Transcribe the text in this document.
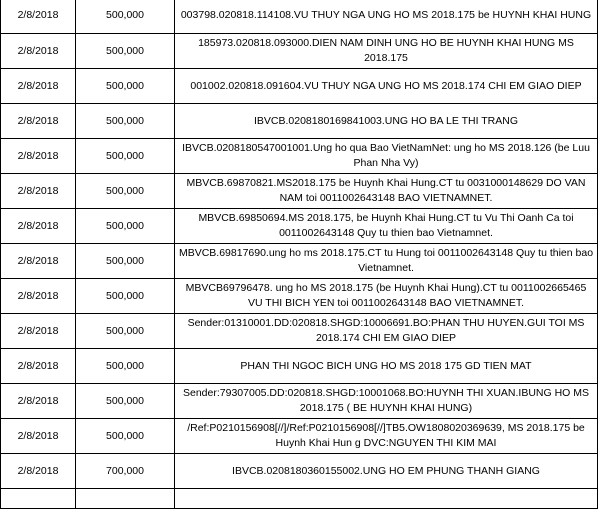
2/8/2018	500,000	003798.020818.114108.VU THUY NGA UNG HO MS 2018.175 be HUYNH KHAI HUNG
2/8/2018	500,000	185973.020818.093000.DIEN NAM DINH UNG HO BE HUYNH KHAI HUNG MS 2018.175
2/8/2018	500,000	001002.020818.091604.VU THUY NGA UNG HO MS 2018.174 CHI EM GIAO DIEP
2/8/2018	500,000	IBVCB.0208180169841003.UNG HO BA LE THI TRANG
2/8/2018	500,000	IBVCB.0208180547001001.Ung ho qua Bao VietNamNet: ung ho MS 2018.126 (be Luu Phan Nha Vy)
2/8/2018	500,000	MBVCB.69870821.MS2018.175 be Huynh Khai Hung.CT tu 0031000148629 DO VAN NAM toi 0011002643148 BAO VIETNAMNET.
2/8/2018	500,000	MBVCB.69850694.MS 2018.175, be Huynh Khai Hung.CT tu Vu Thi Oanh Ca toi 0011002643148 Quy tu thien bao Vietnamnet.
2/8/2018	500,000	MBVCB.69817690.ung ho ms 2018.175.CT tu Hung toi 0011002643148 Quy tu thien bao Vietnamnet.
2/8/2018	500,000	MBVCB69796478. ung ho MS 2018.175 (be Huynh Khai Hung).CT tu 0011002665465 VU THI BICH YEN toi 0011002643148 BAO VIETNAMNET.
2/8/2018	500,000	Sender:01310001.DD:020818.SHGD:10006691.BO:PHAN THU HUYEN.GUI TOI MS 2018.174 CHI EM GIAO DIEP
2/8/2018	500,000	PHAN THI NGOC BICH UNG HO MS 2018 175 GD TIEN MAT
2/8/2018	500,000	Sender:79307005.DD:020818.SHGD:10001068.BO:HUYNH THI XUAN.IBUNG HO MS 2018.175 ( BE HUYNH KHAI HUNG)
2/8/2018	500,000	/Ref:P0210156908[//]/Ref:P0210156908[//]TB5.OW1808020369639, MS 2018.175 be Huynh Khai Hun g DVC:NGUYEN THI KIM MAI
2/8/2018	700,000	IBVCB.0208180360155002.UNG HO EM PHUNG THANH GIANG
